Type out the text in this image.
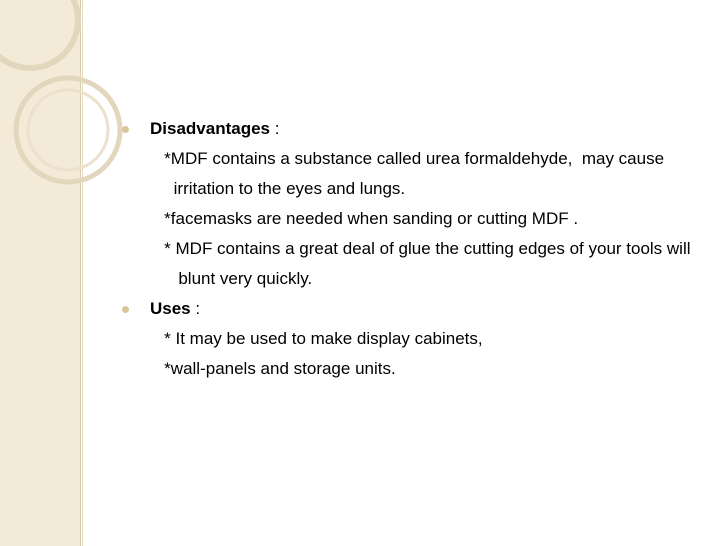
Disadvantages :
*MDF contains a substance called urea formaldehyde,  may cause
irritation to the eyes and lungs.
*facemasks are needed when sanding or cutting MDF .
* MDF contains a great deal of glue the cutting edges of your tools will
blunt very quickly.
Uses :
* It may be used to make display cabinets,
*wall-panels and storage units.
